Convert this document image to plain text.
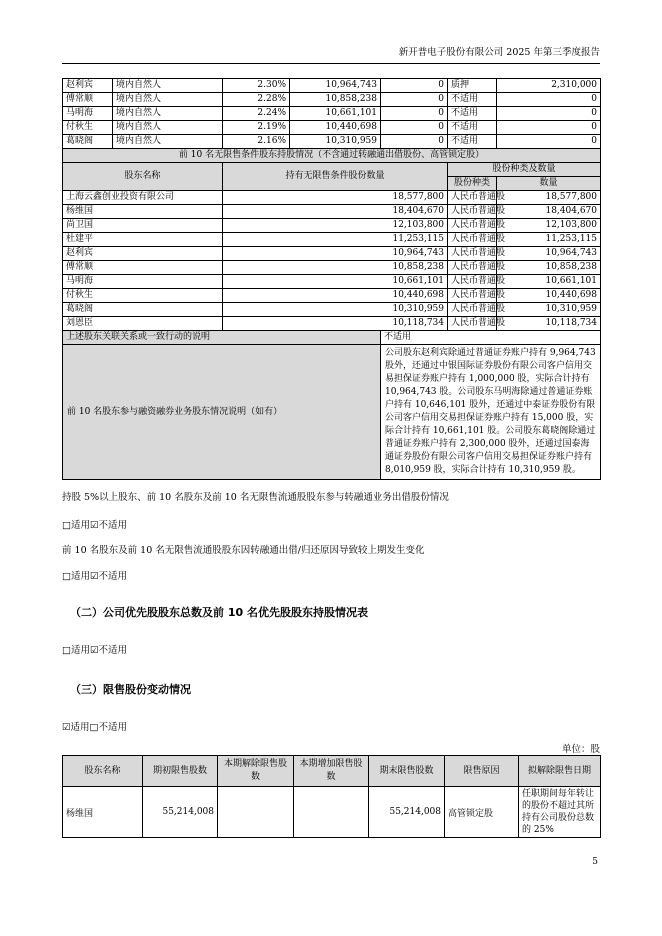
新开普电子股份有限公司 2025 年第三季度报告
赵利宾	境内自然人	2.30%	10,964,743	0	质押	2,310,000
傅常顺	境内自然人	2.28%	10,858,238	0	不适用	0
马明海	境内自然人	2.24%	10,661,101	0	不适用	0
付秋生	境内自然人	2.19%	10,440,698	0	不适用	0
葛晓阁	境内自然人	2.16%	10,310,959	0	不适用	0
前 10 名无限售条件股东持股情况（不含通过转融通出借股份、高管锁定股）						
股东名称		持有无限售条件股份数量			股份种类及数量	
					股份种类	数量
上海云鑫创业投资有限公司		18,577,800			人民币普通股	18,577,800
杨维国		18,404,670			人民币普通股	18,404,670
尚卫国		12,103,800			人民币普通股	12,103,800
杜建平		11,253,115			人民币普通股	11,253,115
赵利宾		10,964,743			人民币普通股	10,964,743
傅常顺		10,858,238			人民币普通股	10,858,238
马明海		10,661,101			人民币普通股	10,661,101
付秋生		10,440,698			人民币普通股	10,440,698
葛晓阁		10,310,959			人民币普通股	10,310,959
刘恩臣		10,118,734			人民币普通股	10,118,734
上述股东关联关系或一致行动的说明				不适用		
前 10 名股东参与融资融券业务股东情况说明（如有）				公司股东赵利宾除通过普通证券账户持有 9,964,743 股外，还通过中银国际证券股份有限公司客户信用交易担保证券账户持有 1,000,000 股，实际合计持有 10,964,743 股。公司股东马明海除通过普通证券账户持有 10,646,101 股外，还通过中泰证券股份有限公司客户信用交易担保证券账户持有 15,000 股，实际合计持有 10,661,101 股。公司股东葛晓阁除通过普通证券账户持有 2,300,000 股外，还通过国泰海通证券股份有限公司客户信用交易担保证券账户持有 8,010,959 股，实际合计持有 10,310,959 股。		
持股 5%以上股东、前 10 名股东及前 10 名无限售流通股股东参与转融通业务出借股份情况
□适用☑不适用
前 10 名股东及前 10 名无限售流通股股东因转融通出借/归还原因导致较上期发生变化
□适用☑不适用
（二）公司优先股股东总数及前 10 名优先股股东持股情况表
□适用☑不适用
（三）限售股份变动情况
☑适用□不适用
单位：股
股东名称	期初限售股数	本期解除限售股数	本期增加限售股数	期末限售股数	限售原因	拟解除限售日期
杨维国	55,214,008			55,214,008	高管锁定股	任职期间每年转让的股份不超过其所持有公司股份总数的 25%
5
